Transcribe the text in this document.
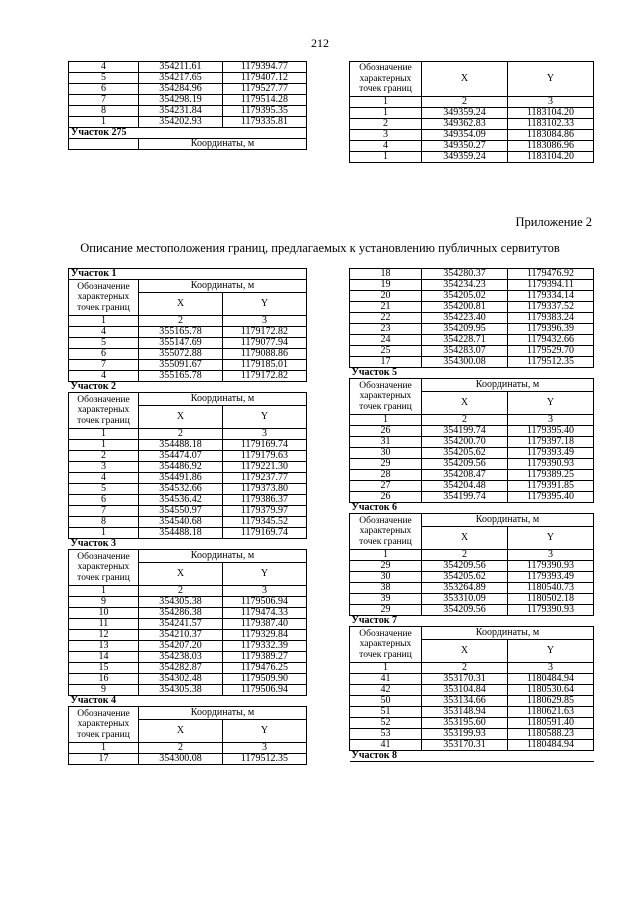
212
4	354211.61	1179394.77
5	354217.65	1179407.12
6	354284.96	1179527.77
7	354298.19	1179514.28
8	354231.84	1179395.35
1	354202.93	1179335.81
Участок 275		
	Координаты, м	
Обозначение характерных точек границ	X	Y
1	2	3
1	349359.24	1183104.20
2	349362.83	1183102.33
3	349354.09	1183084.86
4	349350.27	1183086.96
1	349359.24	1183104.20
Приложение 2
Описание местоположения границ, предлагаемых к установлению публичных сервитутов
Участок 1		
Обозначение характерных точек границ	Координаты, м	
	X	Y
1	2	3
4	355165.78	1179172.82
5	355147.69	1179077.94
6	355072.88	1179088.86
7	355091.67	1179185.01
4	355165.78	1179172.82
Участок 2		
Обозначение характерных точек границ	Координаты, м	
	X	Y
1	2	3
1	354488.18	1179169.74
2	354474.07	1179179.63
3	354486.92	1179221.30
4	354491.86	1179237.77
5	354532.66	1179373.80
6	354536.42	1179386.37
7	354550.97	1179379.97
8	354540.68	1179345.52
1	354488.18	1179169.74
Участок 3		
Обозначение характерных точек границ	Координаты, м	
	X	Y
1	2	3
9	354305.38	1179506.94
10	354286.38	1179474.33
11	354241.57	1179387.40
12	354210.37	1179329.84
13	354207.20	1179332.39
14	354238.03	1179389.27
15	354282.87	1179476.25
16	354302.48	1179509.90
9	354305.38	1179506.94
Участок 4		
Обозначение характерных точек границ	Координаты, м	
	X	Y
1	2	3
17	354300.08	1179512.35
18	354280.37	1179476.92
19	354234.23	1179394.11
20	354205.02	1179334.14
21	354200.81	1179337.52
22	354223.40	1179383.24
23	354209.95	1179396.39
24	354228.71	1179432.66
25	354283.07	1179529.70
17	354300.08	1179512.35
Участок 5		
Обозначение характерных точек границ	Координаты, м	
	X	Y
1	2	3
26	354199.74	1179395.40
31	354200.70	1179397.18
30	354205.62	1179393.49
29	354209.56	1179390.93
28	354208.47	1179389.25
27	354204.48	1179391.85
26	354199.74	1179395.40
Участок 6		
Обозначение характерных точек границ	Координаты, м	
	X	Y
1	2	3
29	354209.56	1179390.93
30	354205.62	1179393.49
38	353264.89	1180540.73
39	353310.09	1180502.18
29	354209.56	1179390.93
Участок 7		
Обозначение характерных точек границ	Координаты, м	
	X	Y
1	2	3
41	353170.31	1180484.94
42	353104.84	1180530.64
50	353134.66	1180629.85
51	353148.94	1180621.63
52	353195.60	1180591.40
53	353199.93	1180588.23
41	353170.31	1180484.94
Участок 8		
